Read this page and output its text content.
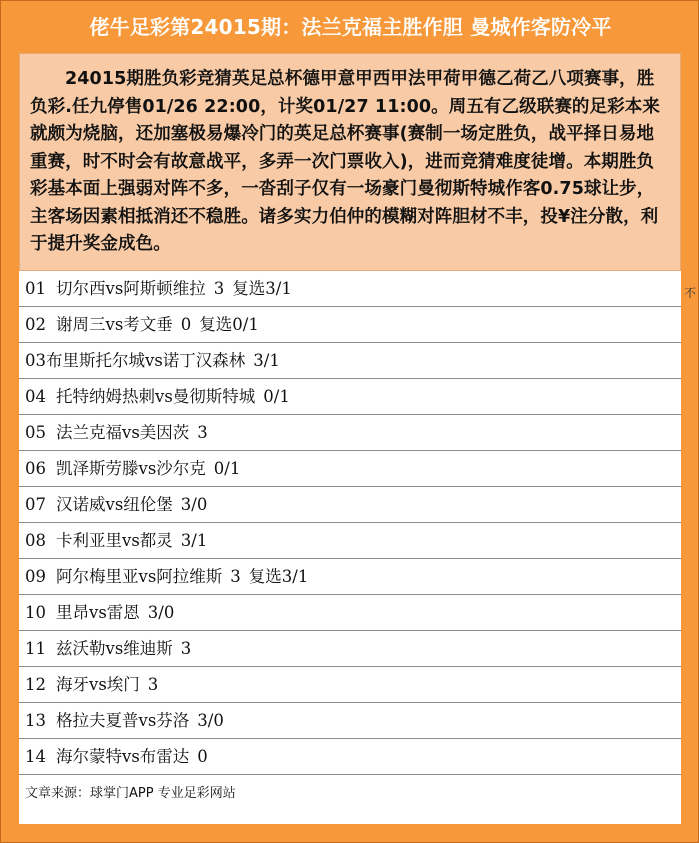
佬牛足彩第24015期：法兰克福主胜作胆 曼城作客防冷平
24015期胜负彩竞猜英足总杯德甲意甲西甲法甲荷甲德乙荷乙八项赛事，胜负彩.任九停售01/26 22:00，计奖01/27 11:00。周五有乙级联赛的足彩本来就颇为烧脑，还加塞极易爆冷门的英足总杯赛事(赛制一场定胜负，战平择日易地重赛，时不时会有故意战平，多弄一次门票收入)，进而竞猜难度徒增。本期胜负彩基本面上强弱对阵不多，一沓刮子仅有一场豪门曼彻斯特城作客0.75球让步，主客场因素相抵消还不稳胜。诸多实力伯仲的模糊对阵胆材不丰，投¥注分散，利于提升奖金成色。
01 切尔西vs阿斯顿维拉 3 复选3/1
02 谢周三vs考文垂 0 复选0/1
03布里斯托尔城vs诺丁汉森林 3/1
04 托特纳姆热刺vs曼彻斯特城 0/1
05 法兰克福vs美因茨 3
06 凯泽斯劳滕vs沙尔克 0/1
07 汉诺威vs纽伦堡 3/0
08 卡利亚里vs都灵 3/1
09 阿尔梅里亚vs阿拉维斯 3 复选3/1
10 里昂vs雷恩 3/0
11 兹沃勒vs维迪斯 3
12 海牙vs埃门 3
13 格拉夫夏普vs芬洛 3/0
14 海尔蒙特vs布雷达 0
文章来源：球掌门APP 专业足彩网站
不
